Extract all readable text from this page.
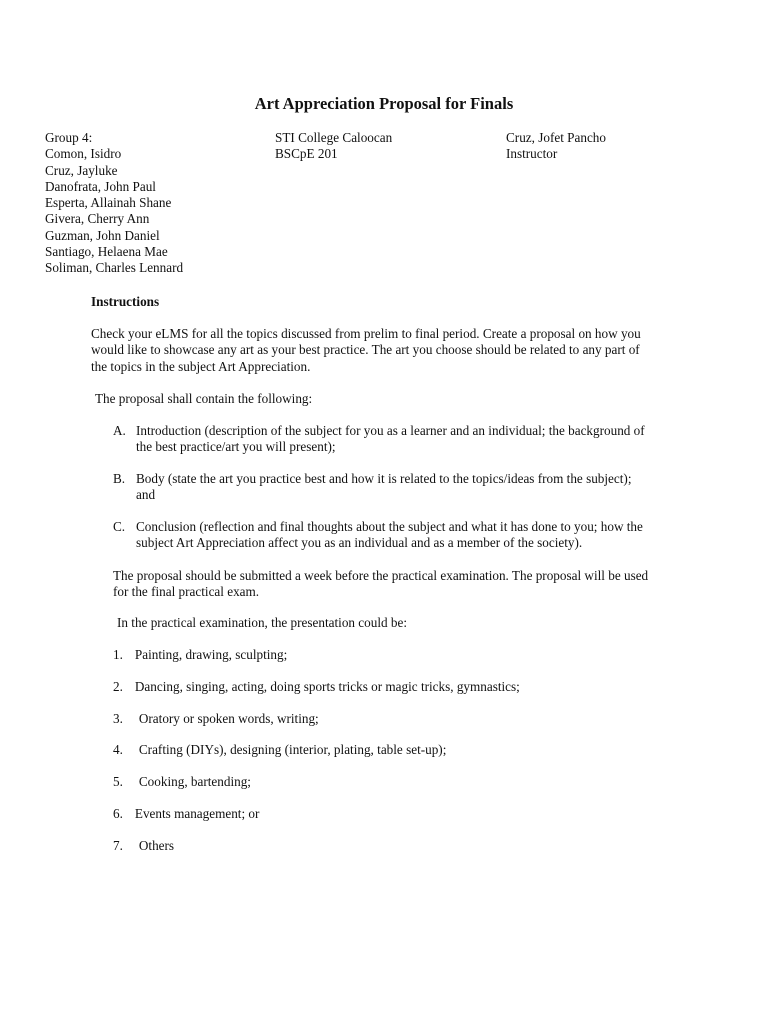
Art Appreciation Proposal for Finals
Group 4:
Comon, Isidro
Cruz, Jayluke
Danofrata, John Paul
Esperta, Allainah Shane
Givera, Cherry Ann
Guzman, John Daniel
Santiago, Helaena Mae
Soliman, Charles Lennard
STI College Caloocan
BSCpE 201
Cruz, Jofet Pancho
Instructor
Instructions
Check your eLMS for all the topics discussed from prelim to final period. Create a proposal on how you
would like to showcase any art as your best practice. The art you choose should be related to any part of
the topics in the subject Art Appreciation.
The proposal shall contain the following:
A. Introduction (description of the subject for you as a learner and an individual; the background of
the best practice/art you will present);
B. Body (state the art you practice best and how it is related to the topics/ideas from the subject);
and
C. Conclusion (reflection and final thoughts about the subject and what it has done to you; how the
subject Art Appreciation affect you as an individual and as a member of the society).
The proposal should be submitted a week before the practical examination. The proposal will be used
for the final practical exam.
In the practical examination, the presentation could be:
1. Painting, drawing, sculpting;
2. Dancing, singing, acting, doing sports tricks or magic tricks, gymnastics;
3. Oratory or spoken words, writing;
4. Crafting (DIYs), designing (interior, plating, table set-up);
5. Cooking, bartending;
6. Events management; or
7. Others
